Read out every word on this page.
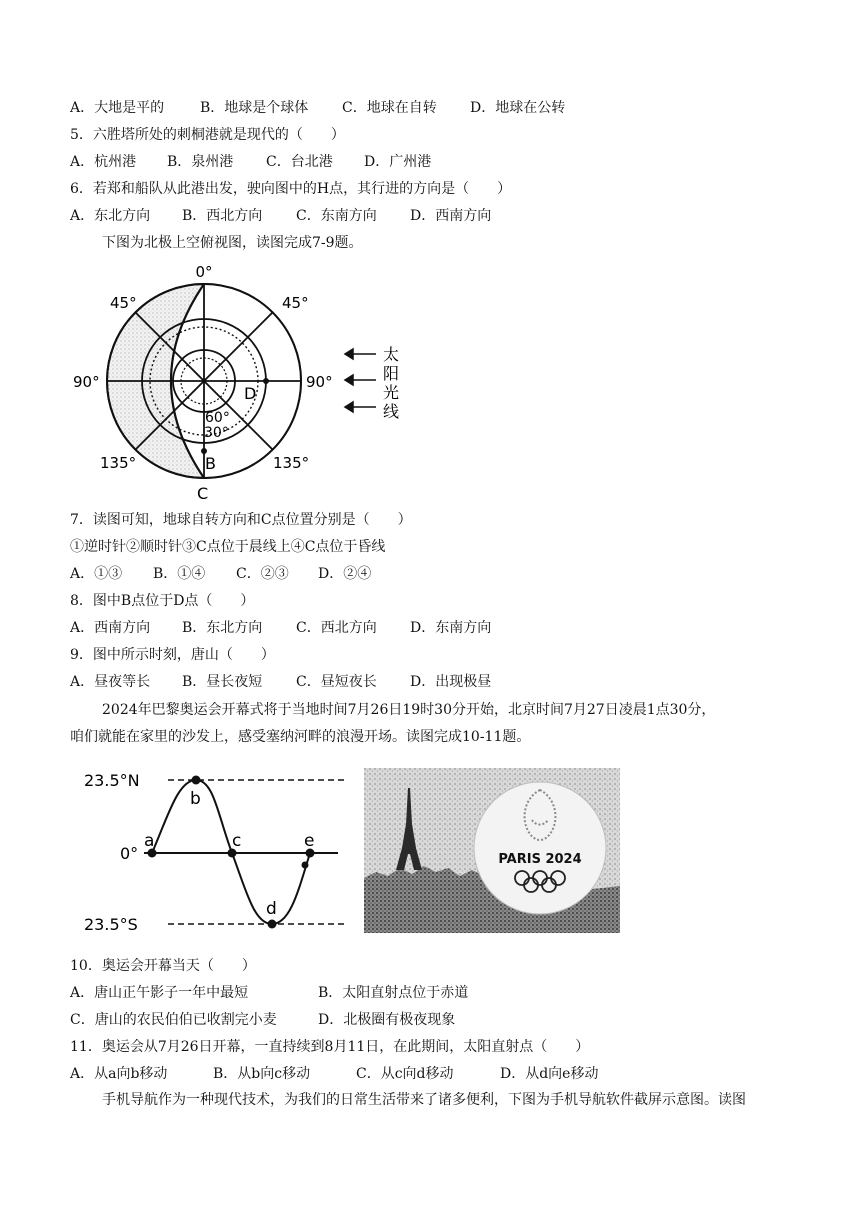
A．大地是平的	B．地球是个球体 C．地球在自转 D．地球在公转
5．六胜塔所处的刺桐港就是现代的（　　）
A．杭州港 B．泉州港 C．台北港 D．广州港
6．若郑和船队从此港出发，驶向图中的H点，其行进的方向是（　　）
A．东北方向 B．西北方向 C．东南方向 D．西南方向
下图为北极上空俯视图，读图完成7-9题。
0°
45°	45°
90°	90°
135°	135°
60°
30°
B
C
D
太
阳
光
线
7．读图可知，地球自转方向和C点位置分别是（　　）
①逆时针②顺时针③C点位于晨线上④C点位于昏线
A．①③ B．①④ C．②③ D．②④
8．图中B点位于D点（　　）
A．西南方向 B．东北方向 C．西北方向 D．东南方向
9．图中所示时刻，唐山（　　）
A．昼夜等长 B．昼长夜短 C．昼短夜长 D．出现极昼
2024年巴黎奥运会开幕式将于当地时间7月26日19时30分开始，北京时间7月27日凌晨1点30分，
咱们就能在家里的沙发上，感受塞纳河畔的浪漫开场。读图完成10-11题。
23.5°N
0°
23.5°S
a
b
c
d
e
PARIS 2024
10．奥运会开幕当天（　　）
A．唐山正午影子一年中最短	B．太阳直射点位于赤道
C．唐山的农民伯伯已收割完小麦	D．北极圈有极夜现象
11．奥运会从7月26日开幕，一直持续到8月11日，在此期间，太阳直射点（　　）
A．从a向b移动	B．从b向c移动	C．从c向d移动	D．从d向e移动
手机导航作为一种现代技术，为我们的日常生活带来了诸多便利，下图为手机导航软件截屏示意图。读图
